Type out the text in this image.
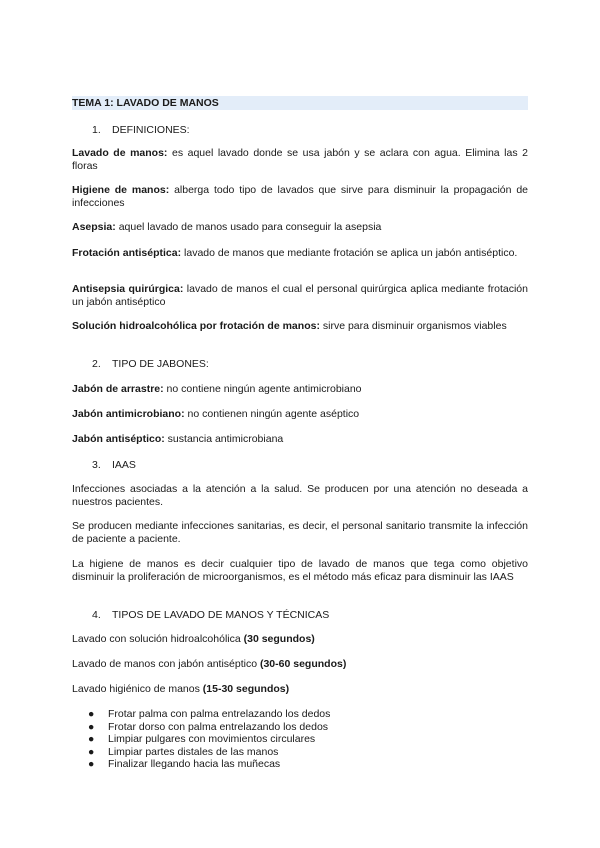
TEMA 1: LAVADO DE MANOS
1. DEFINICIONES:
Lavado de manos: es aquel lavado donde se usa jabón y se aclara con agua. Elimina las 2 floras
Higiene de manos: alberga todo tipo de lavados que sirve para disminuir la propagación de infecciones
Asepsia: aquel lavado de manos usado para conseguir la asepsia
Frotación antiséptica: lavado de manos que mediante frotación se aplica un jabón antiséptico.
Antisepsia quirúrgica: lavado de manos el cual el personal quirúrgica aplica mediante frotación un jabón antiséptico
Solución hidroalcohólica por frotación de manos: sirve para disminuir organismos viables
2. TIPO DE JABONES:
Jabón de arrastre: no contiene ningún agente antimicrobiano
Jabón antimicrobiano: no contienen ningún agente aséptico
Jabón antiséptico: sustancia antimicrobiana
3. IAAS
Infecciones asociadas a la atención a la salud. Se producen por una atención no deseada a nuestros pacientes.
Se producen mediante infecciones sanitarias, es decir, el personal sanitario transmite la infección de paciente a paciente.
La higiene de manos es decir cualquier tipo de lavado de manos que tega como objetivo disminuir la proliferación de microorganismos, es el método más eficaz para disminuir las IAAS
4. TIPOS DE LAVADO DE MANOS Y TÉCNICAS
Lavado con solución hidroalcohólica (30 segundos)
Lavado de manos con jabón antiséptico (30-60 segundos)
Lavado higiénico de manos (15-30 segundos)
● Frotar palma con palma entrelazando los dedos
● Frotar dorso con palma entrelazando los dedos
● Limpiar pulgares con movimientos circulares
● Limpiar partes distales de las manos
● Finalizar llegando hacia las muñecas
